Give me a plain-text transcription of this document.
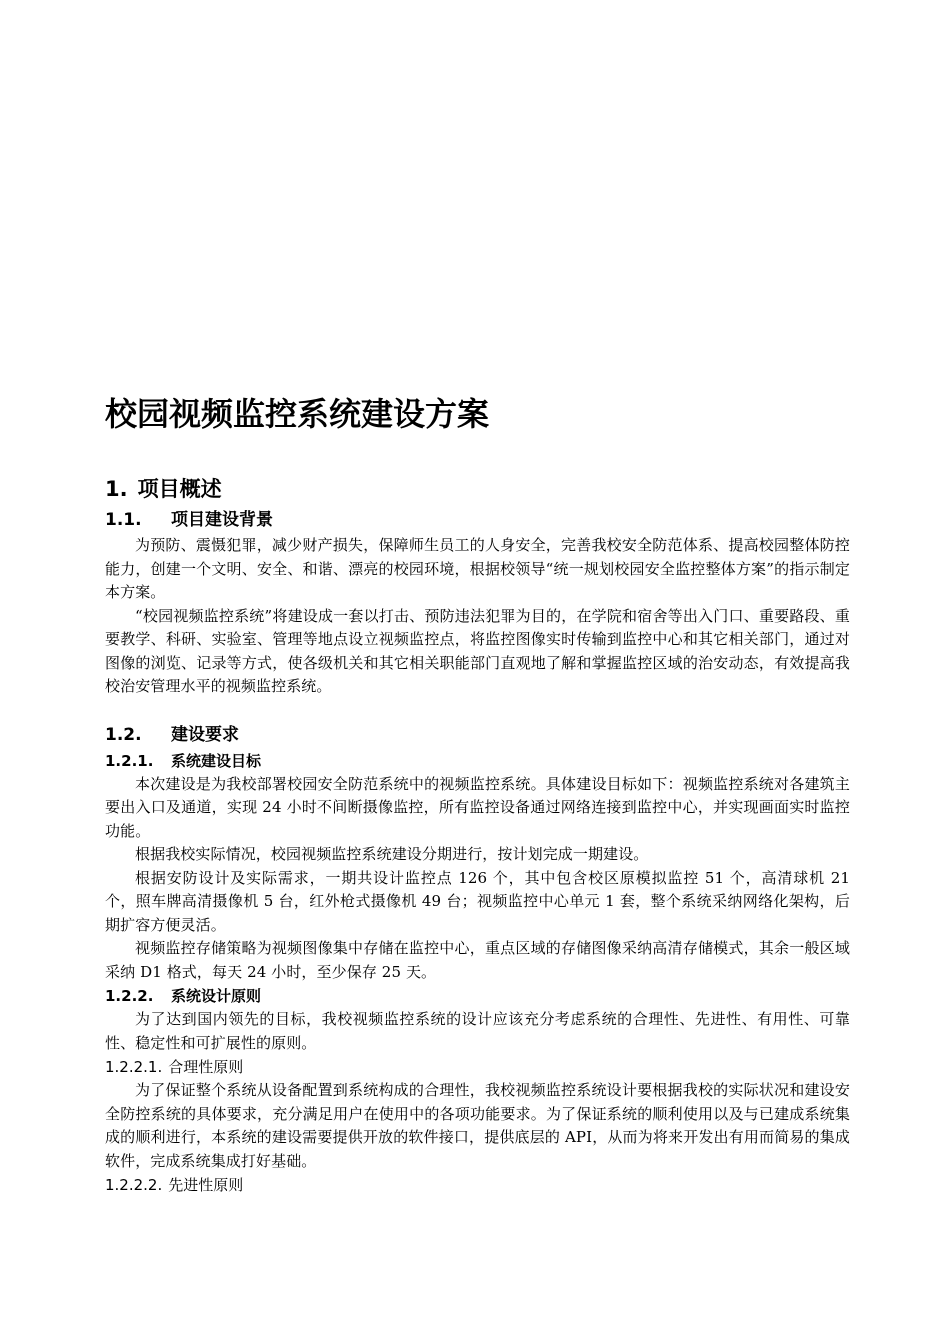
校园视频监控系统建设方案
1. 项目概述
1.1. 项目建设背景

为预防、震慑犯罪，减少财产损失，保障师生员工的人身安全，完善我校安全防范体系、提高校园整体防控能力，创建一个文明、安全、和谐、漂亮的校园环境，根据校领导“统一规划校园安全监控整体方案”的指示制定本方案。

“校园视频监控系统”将建设成一套以打击、预防违法犯罪为目的，在学院和宿舍等出入门口、重要路段、重要教学、科研、实验室、管理等地点设立视频监控点，将监控图像实时传输到监控中心和其它相关部门，通过对图像的浏览、记录等方式，使各级机关和其它相关职能部门直观地了解和掌握监控区域的治安动态，有效提高我校治安管理水平的视频监控系统。

1.2. 建设要求
1.2.1. 系统建设目标

本次建设是为我校部署校园安全防范系统中的视频监控系统。具体建设目标如下：视频监控系统对各建筑主要出入口及通道，实现 24 小时不间断摄像监控，所有监控设备通过网络连接到监控中心，并实现画面实时监控功能。

根据我校实际情况，校园视频监控系统建设分期进行，按计划完成一期建设。

根据安防设计及实际需求，一期共设计监控点 126 个，其中包含校区原模拟监控 51 个，高清球机 21 个，照车牌高清摄像机 5 台，红外枪式摄像机 49 台；视频监控中心单元 1 套，整个系统采纳网络化架构，后期扩容方便灵活。

视频监控存储策略为视频图像集中存储在监控中心，重点区域的存储图像采纳高清存储模式，其余一般区域采纳 D1 格式，每天 24 小时，至少保存 25 天。

1.2.2. 系统设计原则

为了达到国内领先的目标，我校视频监控系统的设计应该充分考虑系统的合理性、先进性、有用性、可靠性、稳定性和可扩展性的原则。

1.2.2.1. 合理性原则

为了保证整个系统从设备配置到系统构成的合理性，我校视频监控系统设计要根据我校的实际状况和建设安全防控系统的具体要求，充分满足用户在使用中的各项功能要求。为了保证系统的顺利使用以及与已建成系统集成的顺利进行，本系统的建设需要提供开放的软件接口，提供底层的 API，从而为将来开发出有用而简易的集成软件，完成系统集成打好基础。

1.2.2.2. 先进性原则
